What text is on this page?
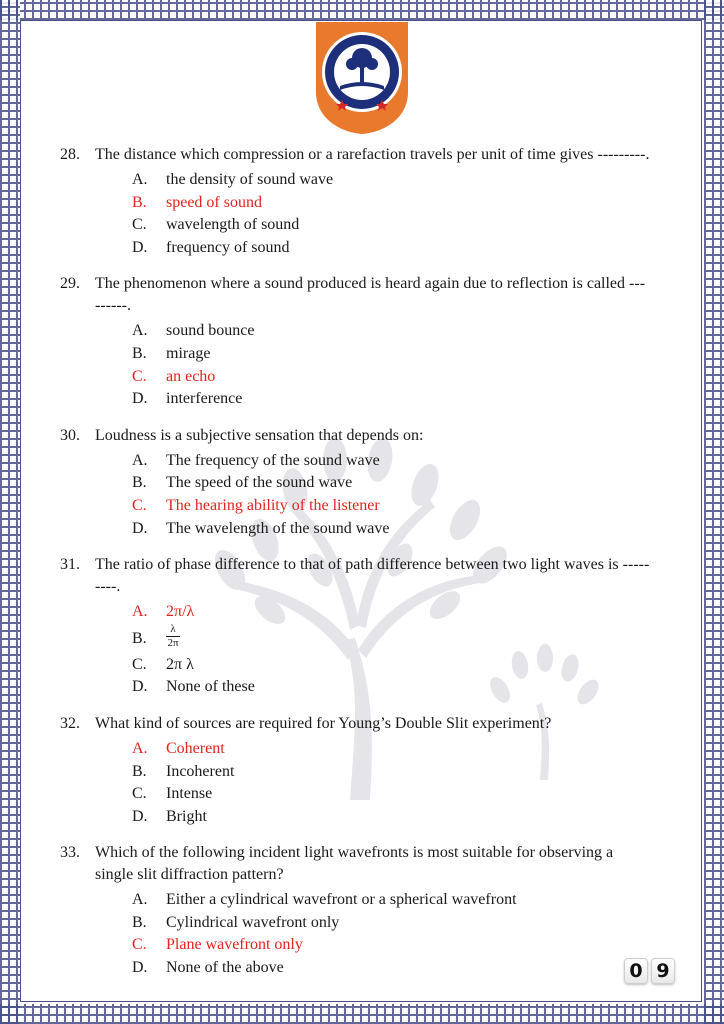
28. The distance which compression or a rarefaction travels per unit of time gives ---------.
A.	the density of sound wave
B.	speed of sound
C.	wavelength of sound
D.	frequency of sound
29. The phenomenon where a sound produced is heard again due to reflection is called ---------.
A.	sound bounce
B.	mirage
C.	an echo
D.	interference
30. Loudness is a subjective sensation that depends on:
A.	The frequency of the sound wave
B.	The speed of the sound wave
C.	The hearing ability of the listener
D.	The wavelength of the sound wave
31. The ratio of phase difference to that of path difference between two light waves is ---------.
A.	2π/λ
B.	$\frac{\lambda}{2\pi}$
C.	2π λ
D.	None of these
32. What kind of sources are required for Young’s Double Slit experiment?
A.	Coherent
B.	Incoherent
C.	Intense
D.	Bright
33. Which of the following incident light wavefronts is most suitable for observing a single slit diffraction pattern?
A.	Either a cylindrical wavefront or a spherical wavefront
B.	Cylindrical wavefront only
C.	Plane wavefront only
D.	None of the above	0 9
